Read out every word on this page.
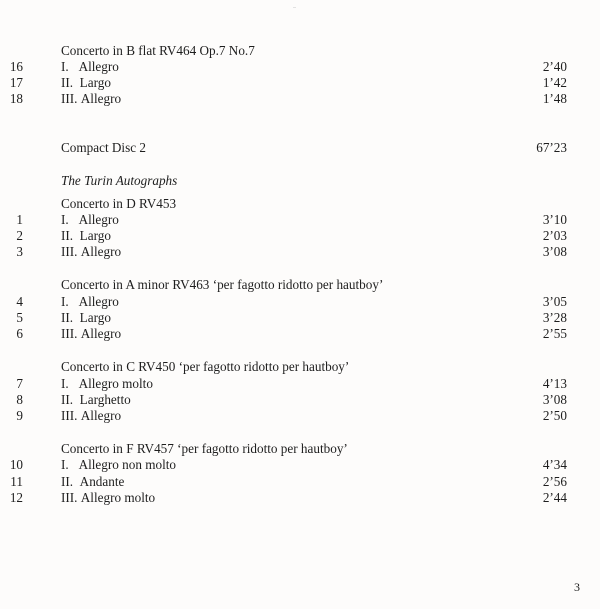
Concerto in B flat RV464 Op.7 No.7
16	I.   Allegro	2’40
17	II.  Largo	1’42
18	III. Allegro	1’48
Compact Disc 2	67’23
The Turin Autographs
Concerto in D RV453
1	I.   Allegro	3’10
2	II.  Largo	2’03
3	III. Allegro	3’08
Concerto in A minor RV463 ‘per fagotto ridotto per hautboy’
4	I.   Allegro	3’05
5	II.  Largo	3’28
6	III. Allegro	2’55
Concerto in C RV450 ‘per fagotto ridotto per hautboy’
7	I.   Allegro molto	4’13
8	II.  Larghetto	3’08
9	III. Allegro	2’50
Concerto in F RV457 ‘per fagotto ridotto per hautboy’
10	I.   Allegro non molto	4’34
11	II.  Andante	2’56
12	III. Allegro molto	2’44
3
